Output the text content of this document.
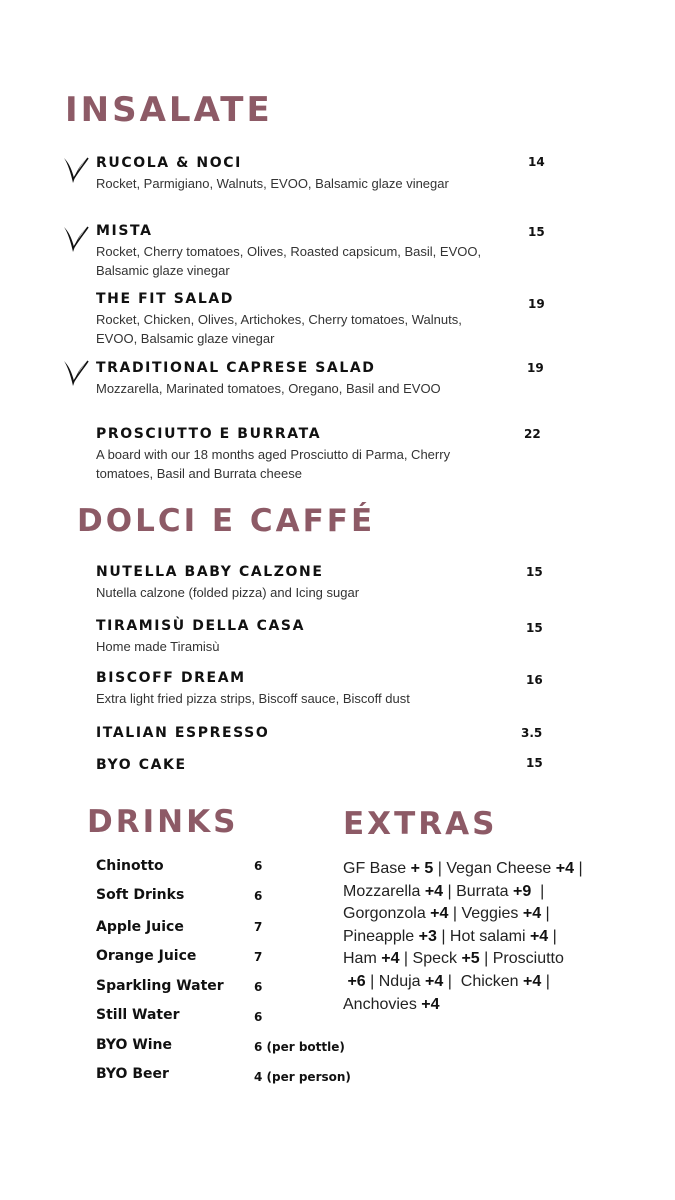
INSALATE
RUCOLA & NOCI
Rocket, Parmigiano, Walnuts, EVOO, Balsamic glaze vinegar
14
MISTA
Rocket, Cherry tomatoes, Olives, Roasted capsicum, Basil, EVOO, Balsamic glaze vinegar
15
THE FIT SALAD
Rocket, Chicken, Olives, Artichokes, Cherry tomatoes, Walnuts, EVOO, Balsamic glaze vinegar
19
TRADITIONAL CAPRESE SALAD
Mozzarella, Marinated tomatoes, Oregano, Basil and EVOO
19
PROSCIUTTO E BURRATA
A board with our 18 months aged Prosciutto di Parma, Cherry tomatoes, Basil and Burrata cheese
22
DOLCI E CAFFÉ
NUTELLA BABY CALZONE
Nutella calzone (folded pizza) and Icing sugar
15
TIRAMISÙ DELLA CASA
Home made Tiramisù
15
BISCOFF DREAM
Extra light fried pizza strips, Biscoff sauce, Biscoff dust
16
ITALIAN ESPRESSO	3.5
BYO CAKE	15
DRINKS
Chinotto	6
Soft Drinks	6
Apple Juice	7
Orange Juice	7
Sparkling Water	6
Still Water	6
BYO Wine	6 (per bottle)
BYO Beer	4 (per person)
EXTRAS
GF Base + 5 | Vegan Cheese +4 |
Mozzarella +4 | Burrata +9  |
Gorgonzola +4 | Veggies +4 |
Pineapple +3 | Hot salami +4 |
Ham +4 | Speck +5 | Prosciutto
+6 | Nduja +4 |  Chicken +4 |
Anchovies +4
